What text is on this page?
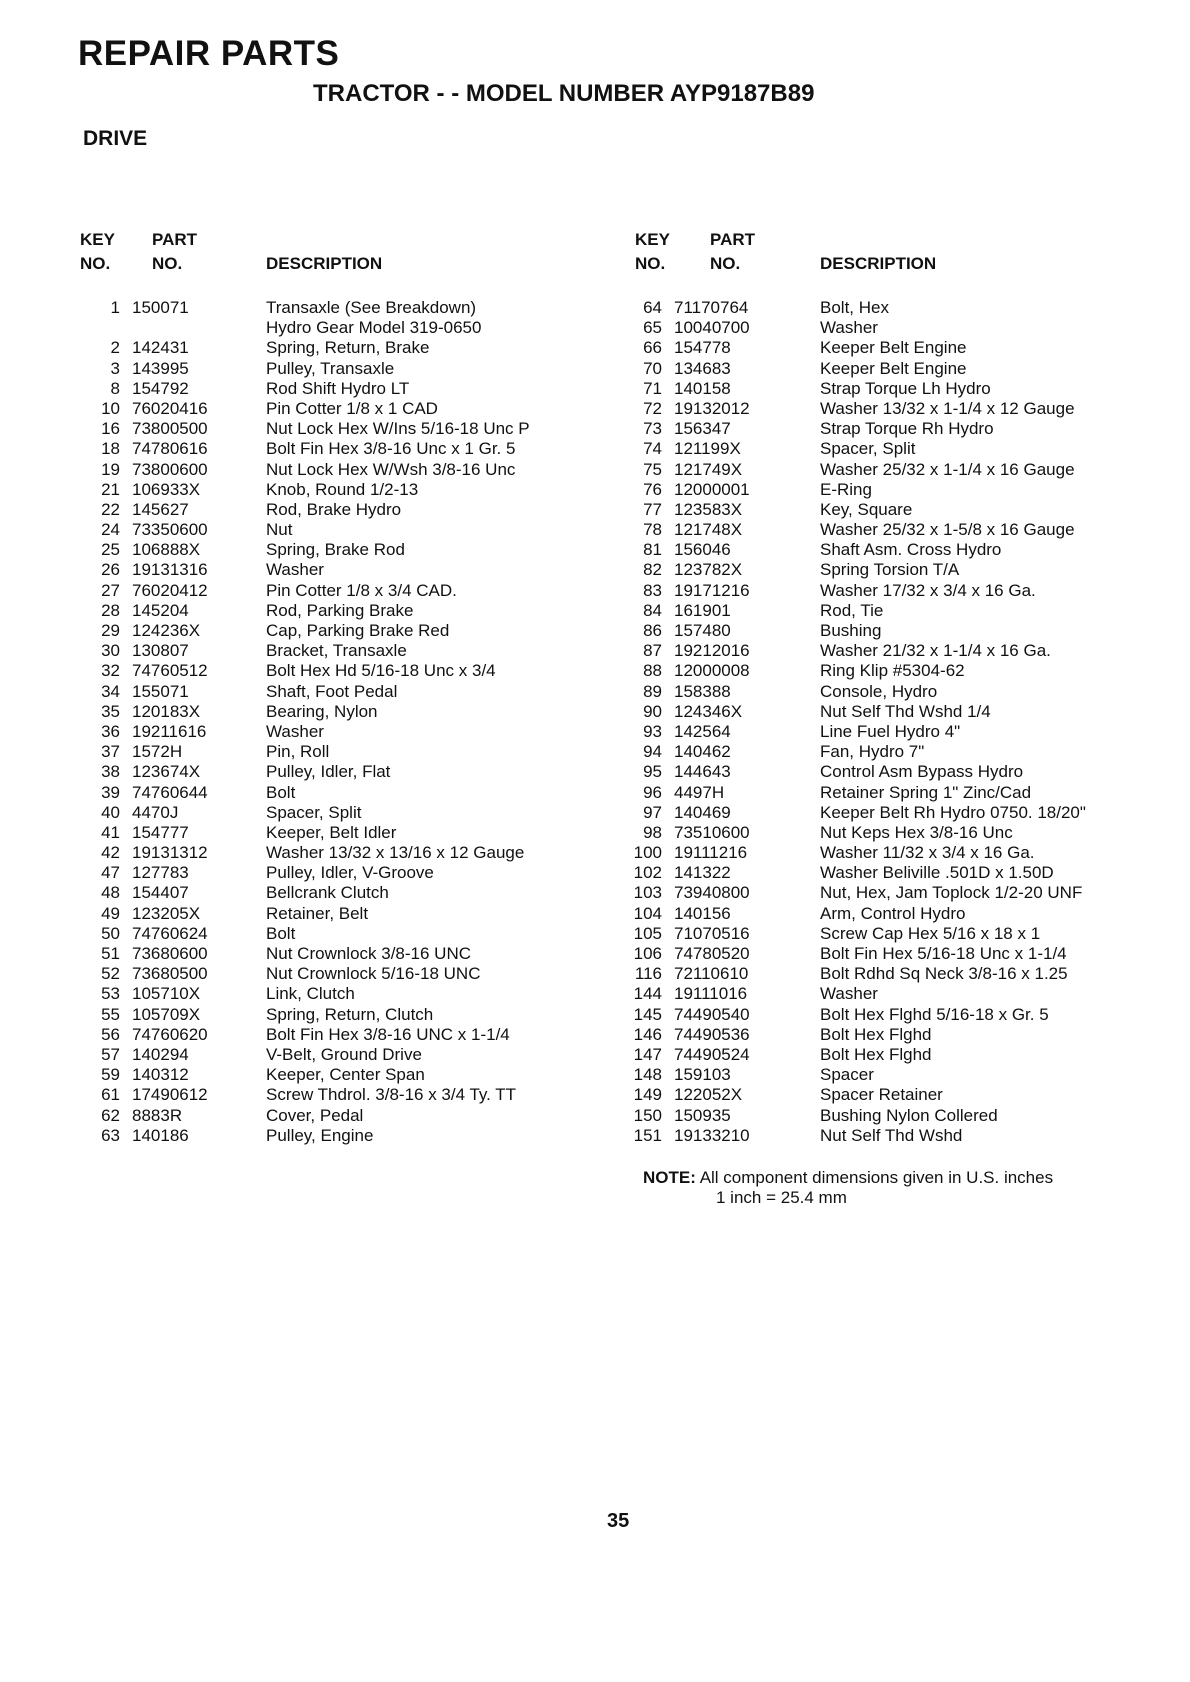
REPAIR PARTS
TRACTOR - - MODEL NUMBER AYP9187B89
DRIVE
KEY
NO.
PART
NO.	DESCRIPTION
1 150071	Transaxle (See Breakdown)
Hydro Gear Model 319-0650
2 142431	Spring, Return, Brake
3 143995	Pulley, Transaxle
8 154792	Rod Shift Hydro LT
10 76020416	Pin Cotter 1/8 x 1 CAD
16 73800500	Nut Lock Hex W/Ins 5/16-18 Unc P
18 74780616	Bolt Fin Hex 3/8-16 Unc x 1 Gr. 5
19 73800600	Nut Lock Hex W/Wsh 3/8-16 Unc
21 106933X	Knob, Round 1/2-13
22 145627	Rod, Brake Hydro
24 73350600	Nut
25 106888X	Spring, Brake Rod
26 19131316	Washer
27 76020412	Pin Cotter 1/8 x 3/4 CAD.
28 145204	Rod, Parking Brake
29 124236X	Cap, Parking Brake Red
30 130807	Bracket, Transaxle
32 74760512	Bolt Hex Hd 5/16-18 Unc x 3/4
34 155071	Shaft, Foot Pedal
35 120183X	Bearing, Nylon
36 19211616	Washer
37 1572H	Pin, Roll
38 123674X	Pulley, Idler, Flat
39 74760644	Bolt
40 4470J	Spacer, Split
41 154777	Keeper, Belt Idler
42 19131312	Washer 13/32 x 13/16 x 12 Gauge
47 127783	Pulley, Idler, V-Groove
48 154407	Bellcrank Clutch
49 123205X	Retainer, Belt
50 74760624	Bolt
51 73680600	Nut Crownlock 3/8-16 UNC
52 73680500	Nut Crownlock 5/16-18 UNC
53 105710X	Link, Clutch
55 105709X	Spring, Return, Clutch
56 74760620	Bolt Fin Hex 3/8-16 UNC x 1-1/4
57 140294	V-Belt, Ground Drive
59 140312	Keeper, Center Span
61 17490612	Screw Thdrol. 3/8-16 x 3/4 Ty. TT
62 8883R	Cover, Pedal
63 140186	Pulley, Engine
KEY
NO.
PART
NO.	DESCRIPTION
64 71170764	Bolt, Hex
65 10040700	Washer
66 154778	Keeper Belt Engine
70 134683	Keeper Belt Engine
71 140158	Strap Torque Lh Hydro
72 19132012	Washer 13/32 x 1-1/4 x 12 Gauge
73 156347	Strap Torque Rh Hydro
74 121199X	Spacer, Split
75 121749X	Washer 25/32 x 1-1/4 x 16 Gauge
76 12000001	E-Ring
77 123583X	Key, Square
78 121748X	Washer 25/32 x 1-5/8 x 16 Gauge
81 156046	Shaft Asm. Cross Hydro
82 123782X	Spring Torsion T/A
83 19171216	Washer 17/32 x 3/4 x 16 Ga.
84 161901	Rod, Tie
86 157480	Bushing
87 19212016	Washer 21/32 x 1-1/4 x 16 Ga.
88 12000008	Ring Klip #5304-62
89 158388	Console, Hydro
90 124346X	Nut Self Thd Wshd 1/4
93 142564	Line Fuel Hydro 4"
94 140462	Fan, Hydro 7"
95 144643	Control Asm Bypass Hydro
96 4497H	Retainer Spring 1" Zinc/Cad
97 140469	Keeper Belt Rh Hydro 0750. 18/20"
98 73510600	Nut Keps Hex 3/8-16 Unc
100 19111216	Washer 11/32 x 3/4 x 16 Ga.
102 141322	Washer Beliville .501D x 1.50D
103 73940800	Nut, Hex, Jam Toplock 1/2-20 UNF
104 140156	Arm, Control Hydro
105 71070516	Screw Cap Hex 5/16 x 18 x 1
106 74780520	Bolt Fin Hex 5/16-18 Unc x 1-1/4
116 72110610	Bolt Rdhd Sq Neck 3/8-16 x 1.25
144 19111016	Washer
145 74490540	Bolt Hex Flghd 5/16-18 x Gr. 5
146 74490536	Bolt Hex Flghd
147 74490524	Bolt Hex Flghd
148 159103	Spacer
149 122052X	Spacer Retainer
150 150935	Bushing Nylon Collered
151 19133210	Nut Self Thd Wshd
NOTE: All component dimensions given in U.S. inches
1 inch = 25.4 mm
35
